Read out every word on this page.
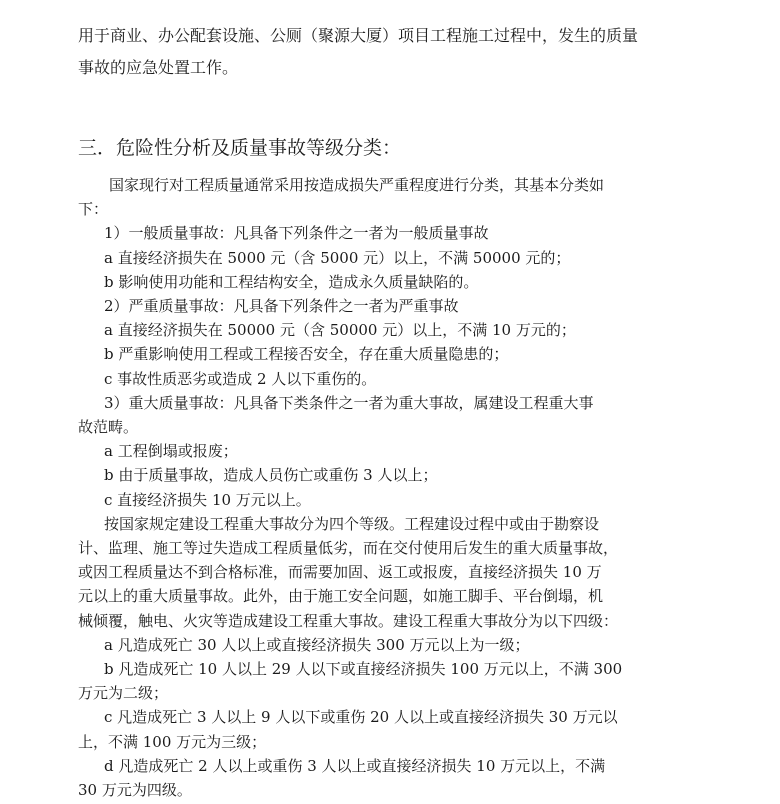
用于商业、办公配套设施、公厕（聚源大厦）项目工程施工过程中，发生的质量
事故的应急处置工作。
三．危险性分析及质量事故等级分类：
国家现行对工程质量通常采用按造成损失严重程度进行分类，其基本分类如
下：
1）一般质量事故：凡具备下列条件之一者为一般质量事故
a 直接经济损失在 5000 元（含 5000 元）以上，不满 50000 元的；
b 影响使用功能和工程结构安全，造成永久质量缺陷的。
2）严重质量事故：凡具备下列条件之一者为严重事故
a 直接经济损失在 50000 元（含 50000 元）以上，不满 10 万元的；
b 严重影响使用工程或工程接否安全，存在重大质量隐患的；
c 事故性质恶劣或造成 2 人以下重伤的。
3）重大质量事故：凡具备下类条件之一者为重大事故，属建设工程重大事
故范畴。
a 工程倒塌或报废；
b 由于质量事故，造成人员伤亡或重伤 3 人以上；
c 直接经济损失 10 万元以上。
按国家规定建设工程重大事故分为四个等级。工程建设过程中或由于勘察设
计、监理、施工等过失造成工程质量低劣，而在交付使用后发生的重大质量事故，
或因工程质量达不到合格标准，而需要加固、返工或报废，直接经济损失 10 万
元以上的重大质量事故。此外，由于施工安全问题，如施工脚手、平台倒塌，机
械倾覆，触电、火灾等造成建设工程重大事故。建设工程重大事故分为以下四级：
a 凡造成死亡 30 人以上或直接经济损失 300 万元以上为一级；
b 凡造成死亡 10 人以上 29 人以下或直接经济损失 100 万元以上，不满 300
万元为二级；
c 凡造成死亡 3 人以上 9 人以下或重伤 20 人以上或直接经济损失 30 万元以
上，不满 100 万元为三级；
d 凡造成死亡 2 人以上或重伤 3 人以上或直接经济损失 10 万元以上，不满
30 万元为四级。
